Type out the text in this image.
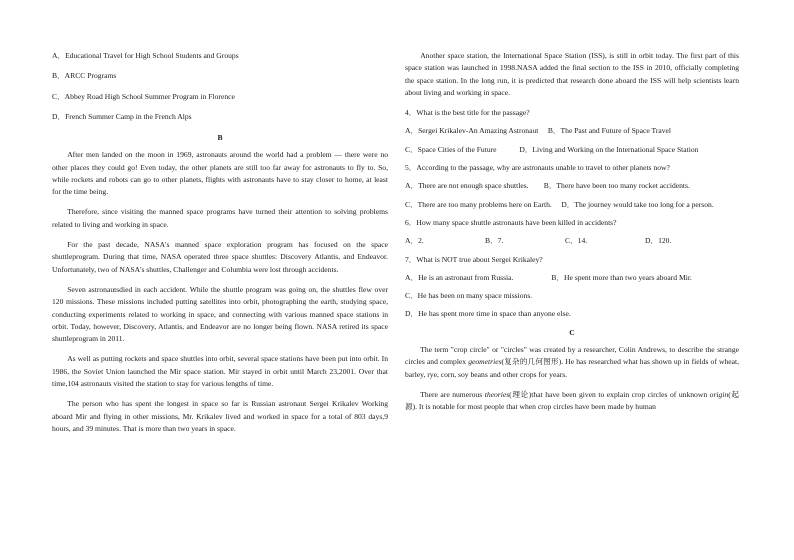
A．Educational Travel for High School Students and Groups

B．ARCC Programs

C．Abbey Road High School Summer Program in Florence

D．French Summer Camp in the French Alps

B

After men landed on the moon in 1969, astronauts around the world had a problem — there were no other places they could go! Even today, the other planets are still too far away for astronauts to fly to. So, while rockets and robots can go to other planets, flights with astronauts have to stay closer to home, at least for the time being.

Therefore, since visiting the manned space programs have turned their attention to solving problems related to living and working in space.

For the past decade, NASA's manned space exploration program has focused on the space shuttleprogram. During that time, NASA operated three space shuttles: Discovery Atlantis, and Endeavor. Unfortunately, two of NASA's shuttles, Challenger and Columbia were lost through accidents.

Seven astronautsdied in each accident. While the shuttle program was going on, the shuttles flew over 120 missions. These missions included putting satellites into orbit, photographing the earth, studying space, conducting experiments related to working in space, and connecting with various manned space stations in orbit. Today, however, Discovery, Atlantis, and Endeavor are no longer being flown. NASA retired its space shuttleprogram in 2011.

As well as putting rockets and space shuttles into orbit, several space stations have been put into orbit. In 1986, the Soviet Union launched the Mir space station. Mir stayed in orbit until March 23,2001. Over that time,104 astronauts visited the station to stay for various lengths of time.

The person who has spent the longest in space so far is Russian astronaut Sergei Krikalev Working aboard Mir and flying in other missions, Mr. Krikalev lived and worked in space for a total of 803 days,9 hours, and 39 minutes. That is more than two years in space.

Another space station, the International Space Station (ISS), is still in orbit today. The first part of this space station was launched in 1998.NASA added the final section to the ISS in 2010, officially completing the space station. In the long run, it is predicted that research done aboard the ISS will help scientists learn about living and working in space.

4．What is the best title for the passage?

A．Sergei Krikalev-An Amazing Astronaut　 B．The Past and Future of Space Travel

C．Space Cities of the Future　　　D．Living and Working on the International Space Station

5．According to the passage, why are astronauts unable to travel to other planets now?

A．There are not enough space shuttles.　　B．There have been too many rocket accidents.

C．There are too many problems here on Earth.　 D．The journey would take too long for a person.

6．How many space shuttle astronauts have been killed in accidents?

A．2.	B．7.	C．14.	D．120.

7．What is NOT true about Sergei Krikaley?

A．He is an astronaut from Russia.　　　　　B．He spent more than two years aboard Mir.

C．He has been on many space missions.

D．He has spent more time in space than anyone else.

C

The term "crop circle" or "circles" was created by a researcher, Colin Andrews, to describe the strange circles and complex geometries(复杂的几何图形). He has researched what has shown up in fields of wheat, barley, rye, corn, soy beans and other crops for years.

There are numerous theories(理论)that have been given to explain crop circles of unknown origin(起源). It is notable for most people that when crop circles have been made by human
